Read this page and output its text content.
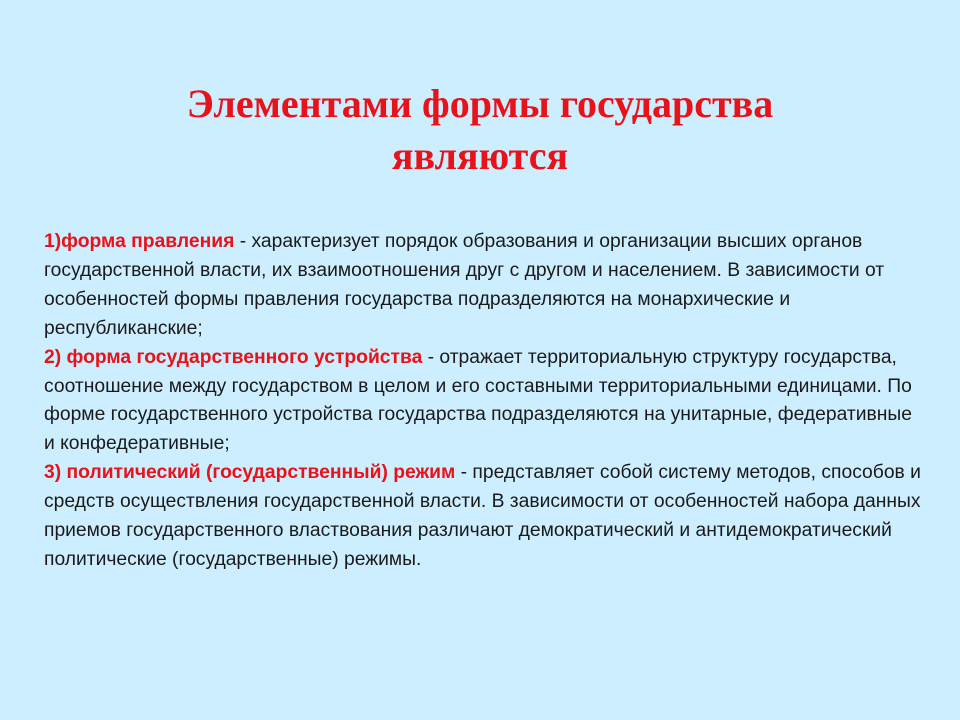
Элементами формы государства
являются

1)форма правления - характеризует порядок образования и организации высших органов государственной власти, их взаимоотношения друг с другом и населением. В зависимости от особенностей формы правления государства подразделяются на монархические и республиканские;

2) форма государственного устройства - отражает территориальную структуру государства, соотношение между государством в целом и его составными территориальными единицами. По форме государственного устройства государства подразделяются на унитарные, федеративные и конфедеративные;

3) политический (государственный) режим - представляет собой систему методов, способов и средств осуществления государственной власти. В зависимости от особенностей набора данных приемов государственного властвования различают демократический и антидемократический политические (государственные) режимы.
